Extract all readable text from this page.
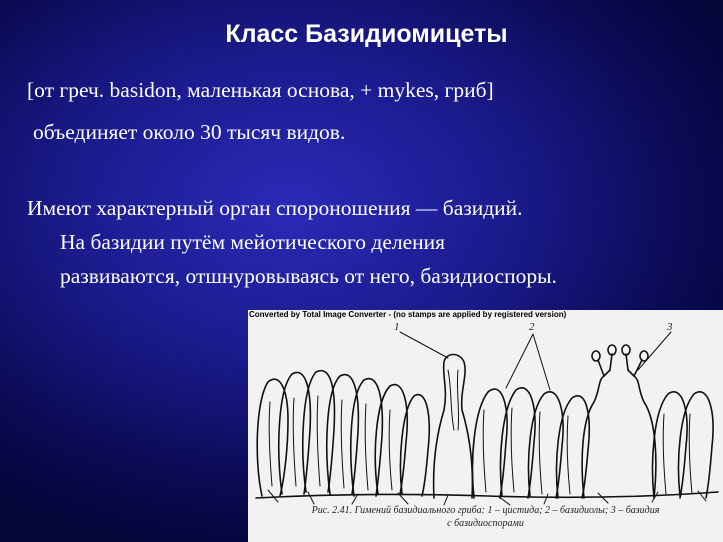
Класс Базидиомицеты
[от греч. basidon, маленькая основа, + mykes, гриб]
объединяет около 30 тысяч видов.
Имеют характерный орган спороношения — базидий.
На базидии путём мейотического деления
развиваются, отшнуровываясь от него, базидиоспоры.
Converted by Total Image Converter - (no stamps are applied by registered version)
1	2	3
Рис. 2.41. Гимений базидиального гриба: 1 – цистида; 2 – базидиолы; 3 – базидия
с базидиоспорами
